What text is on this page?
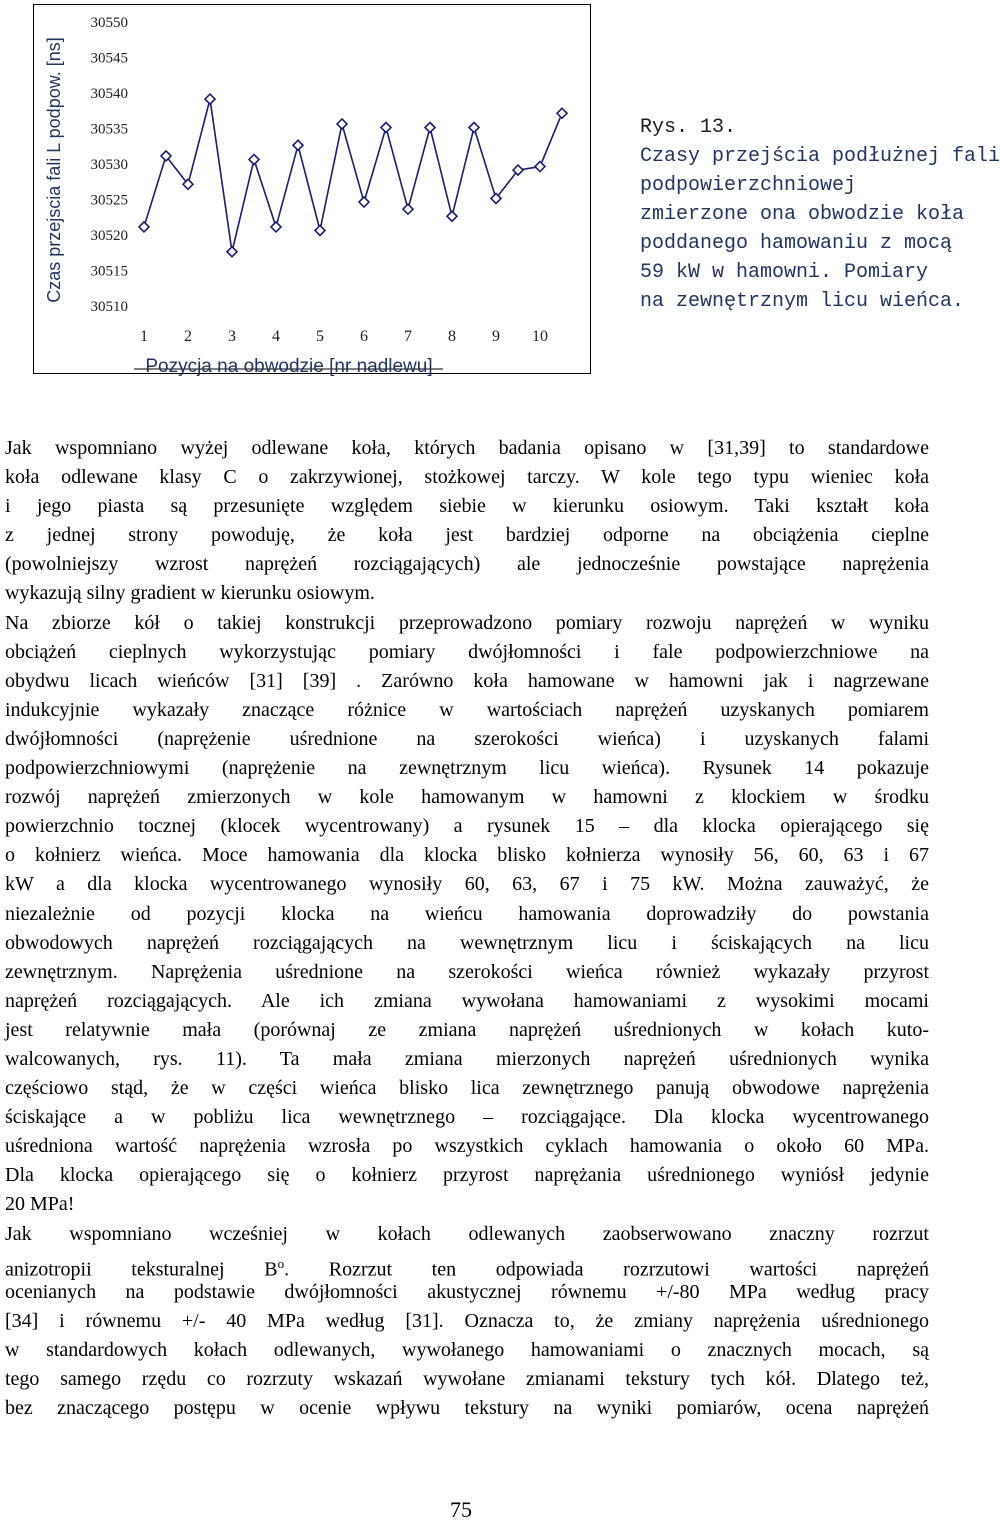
Czas przejscia fali L podpow. [ns]
30550
30545
30540
30535
30530
30525
30520
30515
30510
1 2 3 4 5 6 7 8 9 10
Pozycja na obwodzie [nr nadlewu]
Rys. 13.
Czasy przejścia podłużnej fali
podpowierzchniowej
zmierzone ona obwodzie koła
poddanego hamowaniu z mocą
59 kW w hamowni. Pomiary
na zewnętrznym licu wieńca.
Jak wspomniano wyżej odlewane koła, których badania opisano w [31,39] to standardowe
koła odlewane klasy C o zakrzywionej, stożkowej tarczy. W kole tego typu wieniec koła
i jego piasta są przesunięte względem siebie w kierunku osiowym. Taki kształt koła
z jednej strony powoduję, że koła jest bardziej odporne na obciążenia cieplne
(powolniejszy wzrost naprężeń rozciągających) ale jednocześnie powstające naprężenia
wykazują silny gradient w kierunku osiowym.
Na zbiorze kół o takiej konstrukcji przeprowadzono pomiary rozwoju naprężeń w wyniku
obciążeń cieplnych wykorzystując pomiary dwójłomności i fale podpowierzchniowe na
obydwu licach wieńców [31] [39] . Zarówno koła hamowane w hamowni jak i nagrzewane
indukcyjnie wykazały znaczące różnice w wartościach naprężeń uzyskanych pomiarem
dwójłomności (naprężenie uśrednione na szerokości wieńca) i uzyskanych falami
podpowierzchniowymi (naprężenie na zewnętrznym licu wieńca). Rysunek 14 pokazuje
rozwój naprężeń zmierzonych w kole hamowanym w hamowni z klockiem w środku
powierzchnio tocznej (klocek wycentrowany) a rysunek 15 – dla klocka opierającego się
o kołnierz wieńca. Moce hamowania dla klocka blisko kołnierza wynosiły 56, 60, 63 i 67
kW a dla klocka wycentrowanego wynosiły 60, 63, 67 i 75 kW. Można zauważyć, że
niezależnie od pozycji klocka na wieńcu hamowania doprowadziły do powstania
obwodowych naprężeń rozciągających na wewnętrznym licu i ściskających na licu
zewnętrznym. Naprężenia uśrednione na szerokości wieńca również wykazały przyrost
naprężeń rozciągających. Ale ich zmiana wywołana hamowaniami z wysokimi mocami
jest relatywnie mała (porównaj ze zmiana naprężeń uśrednionych w kołach kuto-
walcowanych, rys. 11). Ta mała zmiana mierzonych naprężeń uśrednionych wynika
częściowo stąd, że w części wieńca blisko lica zewnętrznego panują obwodowe naprężenia
ściskające a w pobliżu lica wewnętrznego – rozciągające. Dla klocka wycentrowanego
uśredniona wartość naprężenia wzrosła po wszystkich cyklach hamowania o około 60 MPa.
Dla klocka opierającego się o kołnierz przyrost naprężania uśrednionego wyniósł jedynie
20 MPa!
Jak wspomniano wcześniej w kołach odlewanych zaobserwowano znaczny rozrzut
anizotropii teksturalnej $B^o$. Rozrzut ten odpowiada rozrzutowi wartości naprężeń
ocenianych na podstawie dwójłomności akustycznej równemu +/-80 MPa według pracy
[34] i równemu +/- 40 MPa według [31]. Oznacza to, że zmiany naprężenia uśrednionego
w standardowych kołach odlewanych, wywołanego hamowaniami o znacznych mocach, są
tego samego rzędu co rozrzuty wskazań wywołane zmianami tekstury tych kół. Dlatego też,
bez znaczącego postępu w ocenie wpływu tekstury na wyniki pomiarów, ocena naprężeń
75
